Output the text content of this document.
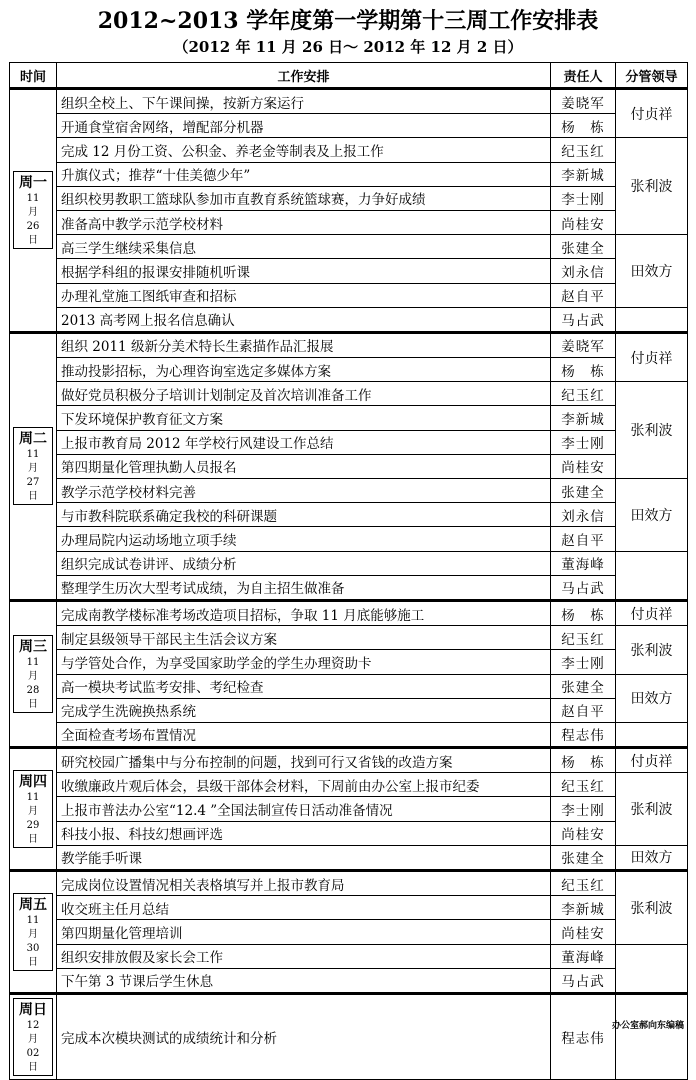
2012~2013 学年度第一学期第十三周工作安排表
（2012 年 11 月 26 日～ 2012 年 12 月 2 日）
时间	工作安排	责任人	分管领导

周一
11
月
26
日	组织全校上、下午课间操，按新方案运行	姜晓军	付贞祥
	开通食堂宿舍网络，增配部分机器	杨　栋	
	完成 12 月份工资、公积金、养老金等制表及上报工作	纪玉红	张利波
	升旗仪式；推荐“十佳美德少年”	李新城	
	组织校男教职工篮球队参加市直教育系统篮球赛，力争好成绩	李士刚	
	准备高中教学示范学校材料	尚桂安	
	高三学生继续采集信息	张建全	田效方
	根据学科组的报课安排随机听课	刘永信	
	办理礼堂施工图纸审查和招标	赵自平	
	2013 高考网上报名信息确认	马占武	

周二
11
月
27
日	组织 2011 级新分美术特长生素描作品汇报展	姜晓军	付贞祥
	推动投影招标，为心理咨询室选定多媒体方案	杨　栋	
	做好党员积极分子培训计划制定及首次培训准备工作	纪玉红	张利波
	下发环境保护教育征文方案	李新城	
	上报市教育局 2012 年学校行风建设工作总结	李士刚	
	第四期量化管理执勤人员报名	尚桂安	
	教学示范学校材料完善	张建全	田效方
	与市教科院联系确定我校的科研课题	刘永信	
	办理局院内运动场地立项手续	赵自平	
	组织完成试卷讲评、成绩分析	董海峰	
	整理学生历次大型考试成绩，为自主招生做准备	马占武	

周三
11
月
28
日	完成南教学楼标准考场改造项目招标，争取 11 月底能够施工	杨　栋	付贞祥
	制定县级领导干部民主生活会议方案	纪玉红	张利波
	与学管处合作，为享受国家助学金的学生办理资助卡	李士刚	
	高一模块考试监考安排、考纪检查	张建全	田效方
	完成学生洗碗换热系统	赵自平	
	全面检查考场布置情况	程志伟	

周四
11
月
29
日	研究校园广播集中与分布控制的问题，找到可行又省钱的改造方案	杨　栋	付贞祥
	收缴廉政片观后体会，县级干部体会材料，下周前由办公室上报市纪委	纪玉红	张利波
	上报市普法办公室“12.4 ”全国法制宣传日活动准备情况	李士刚	
	科技小报、科技幻想画评选	尚桂安	
	教学能手听课	张建全	田效方

周五
11
月
30
日	完成岗位设置情况相关表格填写并上报市教育局	纪玉红	张利波
	收交班主任月总结	李新城	
	第四期量化管理培训	尚桂安	
	组织安排放假及家长会工作	董海峰	
	下午第 3 节课后学生休息	马占武	

周日
12
月
02
日	完成本次模块测试的成绩统计和分析	程志伟	
办公室郝向东编稿
